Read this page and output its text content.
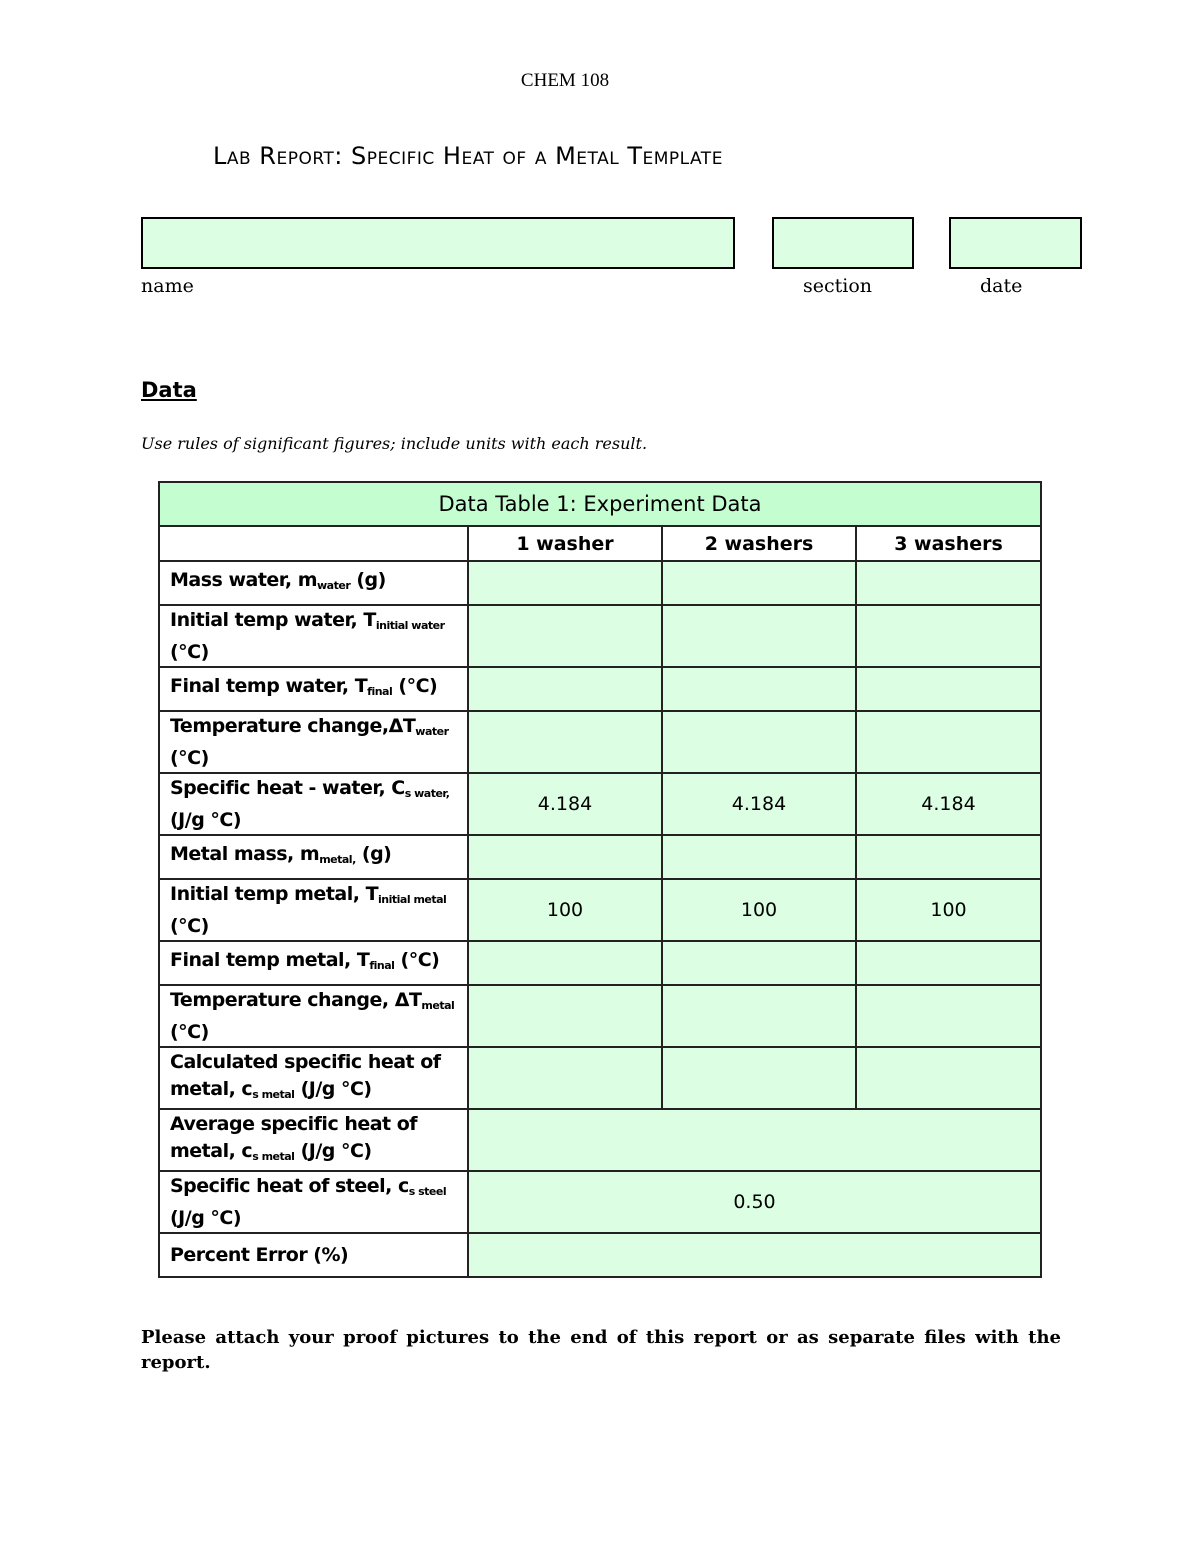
CHEM 108
Lab Report: Specific Heat of a Metal Template
name	section	date
Data
Use rules of significant figures; include units with each result.
Data Table 1: Experiment Data			
	1 washer	2 washers	3 washers
Mass water, $m_{water}$ (g)			
Initial temp water, $T_{initial water}$ (°C)			
Final temp water, $T_{final}$ (°C)			
Temperature $change,\Delta T_{water}$ (°C)			
Specific heat - water, $C_{s water,}$ (J/g °C)	4.184	4.184	4.184
Metal mass, $m_{metal,}$ (g)			
Initial temp metal, $T_{initial metal}$ (°C)	100	100	100
Final temp metal, $T_{final}$ (°C)			
Temperature change, $\Delta T_{metal}$ (°C)			
Calculated specific heat of metal, $c_{s metal}$ (J/g °C)			
Average specific heat of metal, $c_{s metal}$ (J/g °C)			
Specific heat of steel, $c_{s steel}$ (J/g °C)	0.50		
Percent Error (%)			
Please attach your proof pictures to the end of this report or as separate files with the report.
